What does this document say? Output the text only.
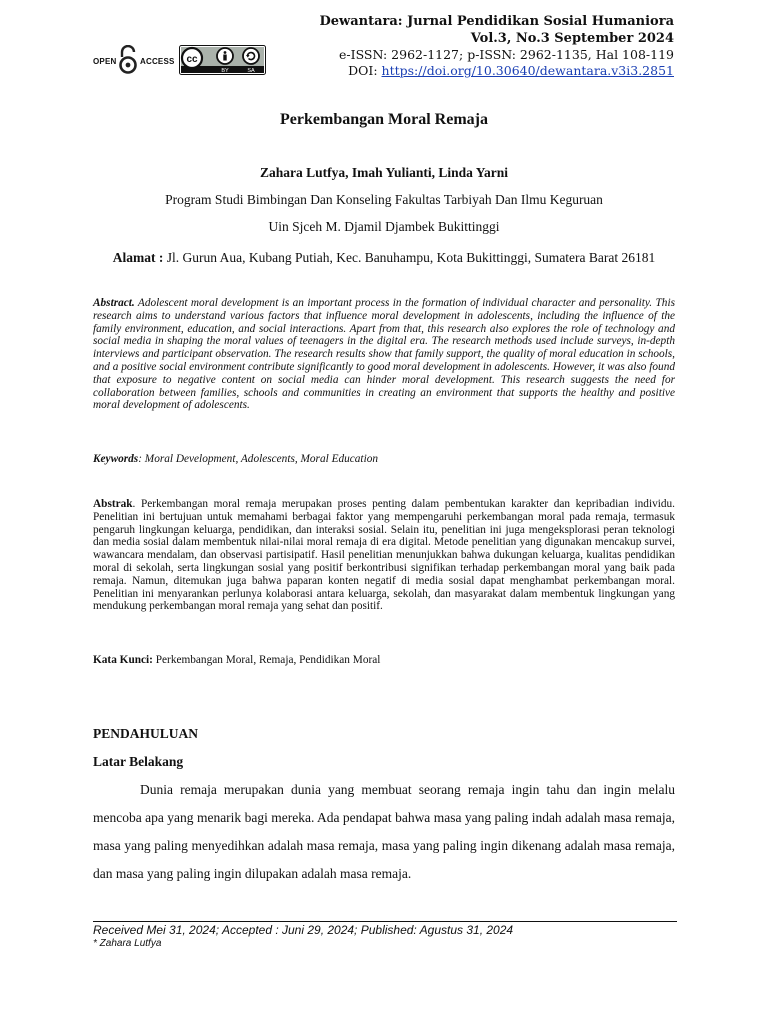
OPEN	ACCESS cc
BY	SA
Dewantara: Jurnal Pendidikan Sosial Humaniora
Vol.3, No.3 September 2024
e-ISSN: 2962-1127; p-ISSN: 2962-1135, Hal 108-119
DOI: https://doi.org/10.30640/dewantara.v3i3.2851
Perkembangan Moral Remaja
Zahara Lutfya, Imah Yulianti, Linda Yarni
Program Studi Bimbingan Dan Konseling Fakultas Tarbiyah Dan Ilmu Keguruan
Uin Sjceh M. Djamil Djambek Bukittinggi
Alamat : Jl. Gurun Aua, Kubang Putiah, Kec. Banuhampu, Kota Bukittinggi, Sumatera Barat 26181
Abstract. Adolescent moral development is an important process in the formation of individual character and personality. This research aims to understand various factors that influence moral development in adolescents, including the influence of the family environment, education, and social interactions. Apart from that, this research also explores the role of technology and social media in shaping the moral values of teenagers in the digital era. The research methods used include surveys, in-depth interviews and participant observation. The research results show that family support, the quality of moral education in schools, and a positive social environment contribute significantly to good moral development in adolescents. However, it was also found that exposure to negative content on social media can hinder moral development. This research suggests the need for collaboration between families, schools and communities in creating an environment that supports the healthy and positive moral development of adolescents.
Keywords: Moral Development, Adolescents, Moral Education
Abstrak. Perkembangan moral remaja merupakan proses penting dalam pembentukan karakter dan kepribadian individu. Penelitian ini bertujuan untuk memahami berbagai faktor yang mempengaruhi perkembangan moral pada remaja, termasuk pengaruh lingkungan keluarga, pendidikan, dan interaksi sosial. Selain itu, penelitian ini juga mengeksplorasi peran teknologi dan media sosial dalam membentuk nilai-nilai moral remaja di era digital. Metode penelitian yang digunakan mencakup survei, wawancara mendalam, dan observasi partisipatif. Hasil penelitian menunjukkan bahwa dukungan keluarga, kualitas pendidikan moral di sekolah, serta lingkungan sosial yang positif berkontribusi signifikan terhadap perkembangan moral yang baik pada remaja. Namun, ditemukan juga bahwa paparan konten negatif di media sosial dapat menghambat perkembangan moral. Penelitian ini menyarankan perlunya kolaborasi antara keluarga, sekolah, dan masyarakat dalam membentuk lingkungan yang mendukung perkembangan moral remaja yang sehat dan positif.
Kata Kunci: Perkembangan Moral, Remaja, Pendidikan Moral
PENDAHULUAN
Latar Belakang
Dunia remaja merupakan dunia yang membuat seorang remaja ingin tahu dan ingin melalu mencoba apa yang menarik bagi mereka. Ada pendapat bahwa masa yang paling indah adalah masa remaja, masa yang paling menyedihkan adalah masa remaja, masa yang paling ingin dikenang adalah masa remaja, dan masa yang paling ingin dilupakan adalah masa remaja.
Received Mei 31, 2024; Accepted : Juni 29, 2024; Published: Agustus 31, 2024
* Zahara Lutfya
